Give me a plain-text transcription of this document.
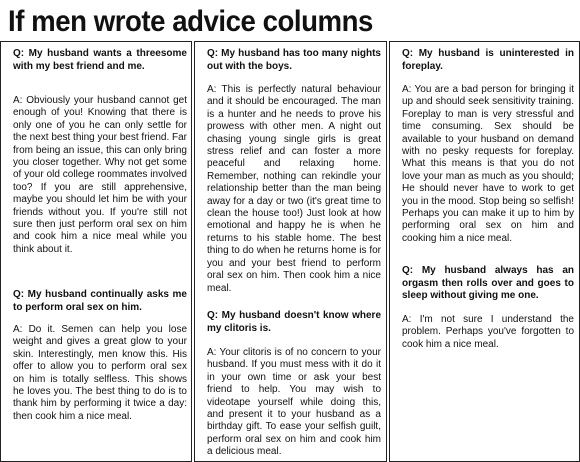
If men wrote advice columns
Q: My husband wants a threesome with my best friend and me.
A: Obviously your husband cannot get enough of you! Knowing that there is only one of you he can only settle for the next best thing your best friend. Far from being an issue, this can only bring you closer together. Why not get some of your old college roommates involved too? If you are still apprehensive, maybe you should let him be with your friends without you. If you're still not sure then just perform oral sex on him and cook him a nice meal while you think about it.
Q: My husband continually asks me to perform oral sex on him.
A: Do it. Semen can help you lose weight and gives a great glow to your skin. Interestingly, men know this. His offer to allow you to perform oral sex on him is totally selfless. This shows he loves you. The best thing to do is to thank him by performing it twice a day: then cook him a nice meal.
Q: My husband has too many nights out with the boys.
A: This is perfectly natural behaviour and it should be encouraged. The man is a hunter and he needs to prove his prowess with other men. A night out chasing young single girls is great stress relief and can foster a more peaceful and relaxing home. Remember, nothing can rekindle your relationship better than the man being away for a day or two (it's great time to clean the house too!) Just look at how emotional and happy he is when he returns to his stable home. The best thing to do when he returns home is for you and your best friend to perform oral sex on him. Then cook him a nice meal.
Q: My husband doesn't know where my clitoris is.
A: Your clitoris is of no concern to your husband. If you must mess with it do it in your own time or ask your best friend to help. You may wish to videotape yourself while doing this, and present it to your husband as a birthday gift. To ease your selfish guilt, perform oral sex on him and cook him a delicious meal.
Q: My husband is uninterested in foreplay.
A: You are a bad person for bringing it up and should seek sensitivity training. Foreplay to man is very stressful and time consuming. Sex should be available to your husband on demand with no pesky requests for foreplay. What this means is that you do not love your man as much as you should; He should never have to work to get you in the mood. Stop being so selfish! Perhaps you can make it up to him by performing oral sex on him and cooking him a nice meal.
Q: My husband always has an orgasm then rolls over and goes to sleep without giving me one.
A: I'm not sure I understand the problem. Perhaps you've forgotten to cook him a nice meal.
